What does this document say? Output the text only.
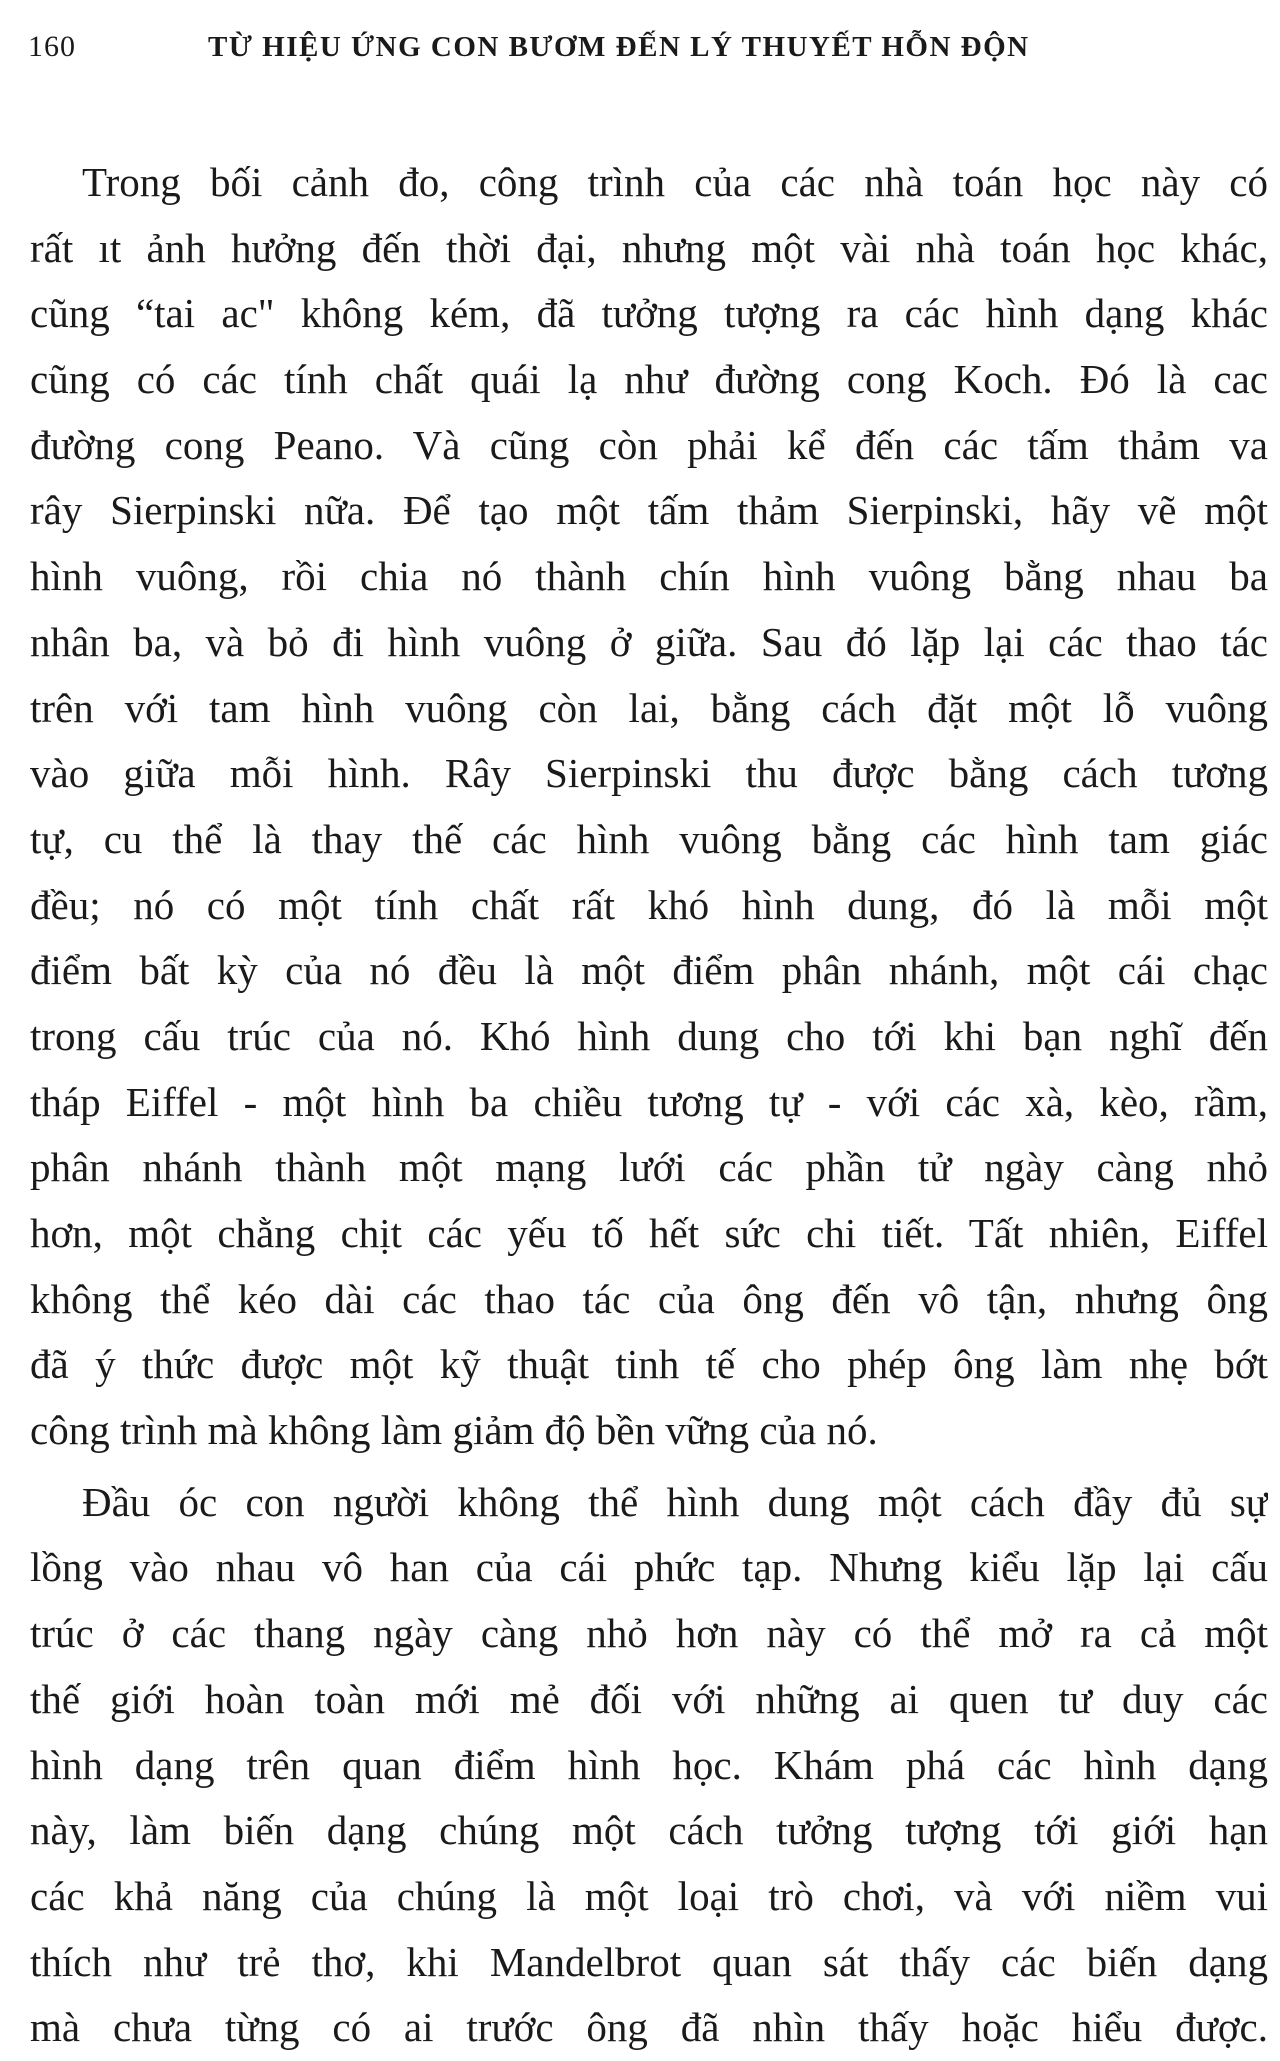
160	TỪ HIỆU ỨNG CON BƯƠM ĐẾN LÝ THUYẾT HỖN ĐỘN
Trong bối cảnh đo, công trình của các nhà toán học này có
rất ıt ảnh hưởng đến thời đại, nhưng một vài nhà toán học khác,
cũng “tai ac" không kém, đã tưởng tượng ra các hình dạng khác
cũng có các tính chất quái lạ như đường cong Koch. Đó là cac
đường cong Peano. Và cũng còn phải kể đến các tấm thảm va
rây Sierpinski nữa. Để tạo một tấm thảm Sierpinski, hãy vẽ một
hình vuông, rồi chia nó thành chín hình vuông bằng nhau ba
nhân ba, và bỏ đi hình vuông ở giữa. Sau đó lặp lại các thao tác
trên với tam hình vuông còn lai, bằng cách đặt một lỗ vuông
vào giữa mỗi hình. Rây Sierpinski thu được bằng cách tương
tự, cu thể là thay thế các hình vuông bằng các hình tam giác
đều; nó có một tính chất rất khó hình dung, đó là mỗi một
điểm bất kỳ của nó đều là một điểm phân nhánh, một cái chạc
trong cấu trúc của nó. Khó hình dung cho tới khi bạn nghĩ đến
tháp Eiffel - một hình ba chiều tương tự - với các xà, kèo, rầm,
phân nhánh thành một mạng lưới các phần tử ngày càng nhỏ
hơn, một chằng chịt các yếu tố hết sức chi tiết. Tất nhiên, Eiffel
không thể kéo dài các thao tác của ông đến vô tận, nhưng ông
đã ý thức được một kỹ thuật tinh tế cho phép ông làm nhẹ bớt
công trình mà không làm giảm độ bền vững của nó.
Đầu óc con người không thể hình dung một cách đầy đủ sự
lồng vào nhau vô han của cái phức tạp. Nhưng kiểu lặp lại cấu
trúc ở các thang ngày càng nhỏ hơn này có thể mở ra cả một
thế giới hoàn toàn mới mẻ đối với những ai quen tư duy các
hình dạng trên quan điểm hình học. Khám phá các hình dạng
này, làm biến dạng chúng một cách tưởng tượng tới giới hạn
các khả năng của chúng là một loại trò chơi, và với niềm vui
thích như trẻ thơ, khi Mandelbrot quan sát thấy các biến dạng
mà chưa từng có ai trước ông đã nhìn thấy hoặc hiểu được.
